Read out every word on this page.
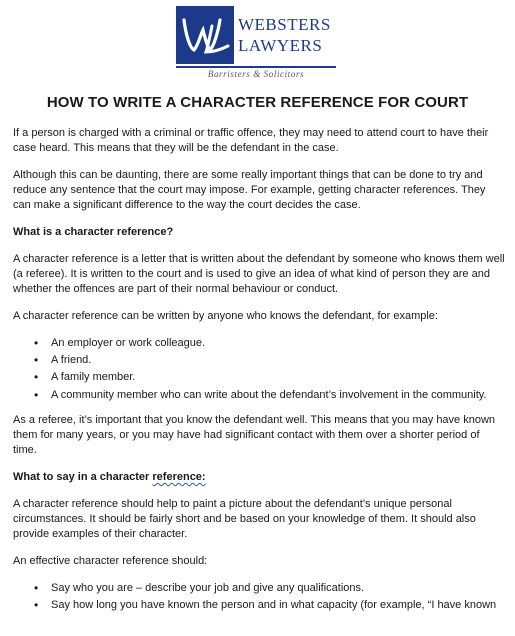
WEBSTERS
LAWYERS
Barristers & Solicitors
HOW TO WRITE A CHARACTER REFERENCE FOR COURT

If a person is charged with a criminal or traffic offence, they may need to attend court to have their case heard. This means that they will be the defendant in the case.

Although this can be daunting, there are some really important things that can be done to try and reduce any sentence that the court may impose. For example, getting character references. They can make a significant difference to the way the court decides the case.

What is a character reference?

A character reference is a letter that is written about the defendant by someone who knows them well (a referee). It is written to the court and is used to give an idea of what kind of person they are and whether the offences are part of their normal behaviour or conduct.

A character reference can be written by anyone who knows the defendant, for example:

• An employer or work colleague.
• A friend.
• A family member.
• A community member who can write about the defendant’s involvement in the community.

As a referee, it’s important that you know the defendant well. This means that you may have known them for many years, or you may have had significant contact with them over a shorter period of time.

What to say in a character reference:

A character reference should help to paint a picture about the defendant’s unique personal circumstances. It should be fairly short and be based on your knowledge of them. It should also provide examples of their character.

An effective character reference should:

• Say who you are – describe your job and give any qualifications.
• Say how long you have known the person and in what capacity (for example, “I have known
